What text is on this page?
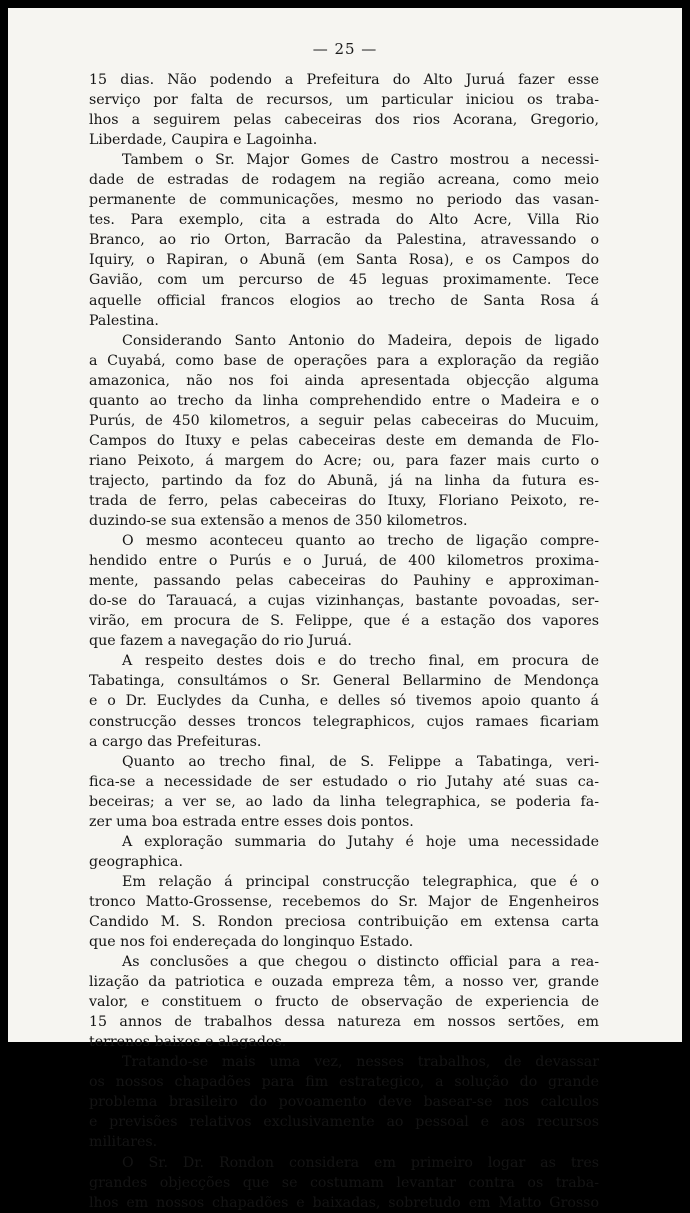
— 25 —
15 dias. Não podendo a Prefeitura do Alto Juruá fazer esse
serviço por falta de recursos, um particular iniciou os traba-
lhos a seguirem pelas cabeceiras dos rios Acorana, Gregorio,
Liberdade, Caupira e Lagoinha.
Tambem o Sr. Major Gomes de Castro mostrou a necessi-
dade de estradas de rodagem na região acreana, como meio
permanente de communicações, mesmo no periodo das vasan-
tes. Para exemplo, cita a estrada do Alto Acre, Villa Rio
Branco, ao rio Orton, Barracão da Palestina, atravessando o
Iquiry, o Rapiran, o Abunã (em Santa Rosa), e os Campos do
Gavião, com um percurso de 45 leguas proximamente. Tece
aquelle official francos elogios ao trecho de Santa Rosa á
Palestina.
Considerando Santo Antonio do Madeira, depois de ligado
a Cuyabá, como base de operações para a exploração da região
amazonica, não nos foi ainda apresentada objecção alguma
quanto ao trecho da linha comprehendido entre o Madeira e o
Purús, de 450 kilometros, a seguir pelas cabeceiras do Mucuim,
Campos do Ituxy e pelas cabeceiras deste em demanda de Flo-
riano Peixoto, á margem do Acre; ou, para fazer mais curto o
trajecto, partindo da foz do Abunã, já na linha da futura es-
trada de ferro, pelas cabeceiras do Ituxy, Floriano Peixoto, re-
duzindo-se sua extensão a menos de 350 kilometros.
O mesmo aconteceu quanto ao trecho de ligação compre-
hendido entre o Purús e o Juruá, de 400 kilometros proxima-
mente, passando pelas cabeceiras do Pauhiny e approximan-
do-se do Tarauacá, a cujas vizinhanças, bastante povoadas, ser-
virão, em procura de S. Felippe, que é a estação dos vapores
que fazem a navegação do rio Juruá.
A respeito destes dois e do trecho final, em procura de
Tabatinga, consultámos o Sr. General Bellarmino de Mendonça
e o Dr. Euclydes da Cunha, e delles só tivemos apoio quanto á
construcção desses troncos telegraphicos, cujos ramaes ficariam
a cargo das Prefeituras.
Quanto ao trecho final, de S. Felippe a Tabatinga, veri-
fica-se a necessidade de ser estudado o rio Jutahy até suas ca-
beceiras; a ver se, ao lado da linha telegraphica, se poderia fa-
zer uma boa estrada entre esses dois pontos.
A exploração summaria do Jutahy é hoje uma necessidade
geographica.
Em relação á principal construcção telegraphica, que é o
tronco Matto-Grossense, recebemos do Sr. Major de Engenheiros
Candido M. S. Rondon preciosa contribuição em extensa carta
que nos foi endereçada do longinquo Estado.
As conclusões a que chegou o distincto official para a rea-
lização da patriotica e ouzada empreza têm, a nosso ver, grande
valor, e constituem o fructo de observação de experiencia de
15 annos de trabalhos dessa natureza em nossos sertões, em
terrenos baixos e alagados.
Tratando-se mais uma vez, nesses trabalhos, de devassar
os nossos chapadões para fim estrategico, a solução do grande
problema brasileiro do povoamento deve basear-se nos calculos
e previsões relativos exclusivamente ao pessoal e aos recursos
militares.
O Sr. Dr. Rondon considera em primeiro logar as tres
grandes objecções que se costumam levantar contra os traba-
lhos em nossos chapadões e baixadas, sobretudo em Matto Grosso
